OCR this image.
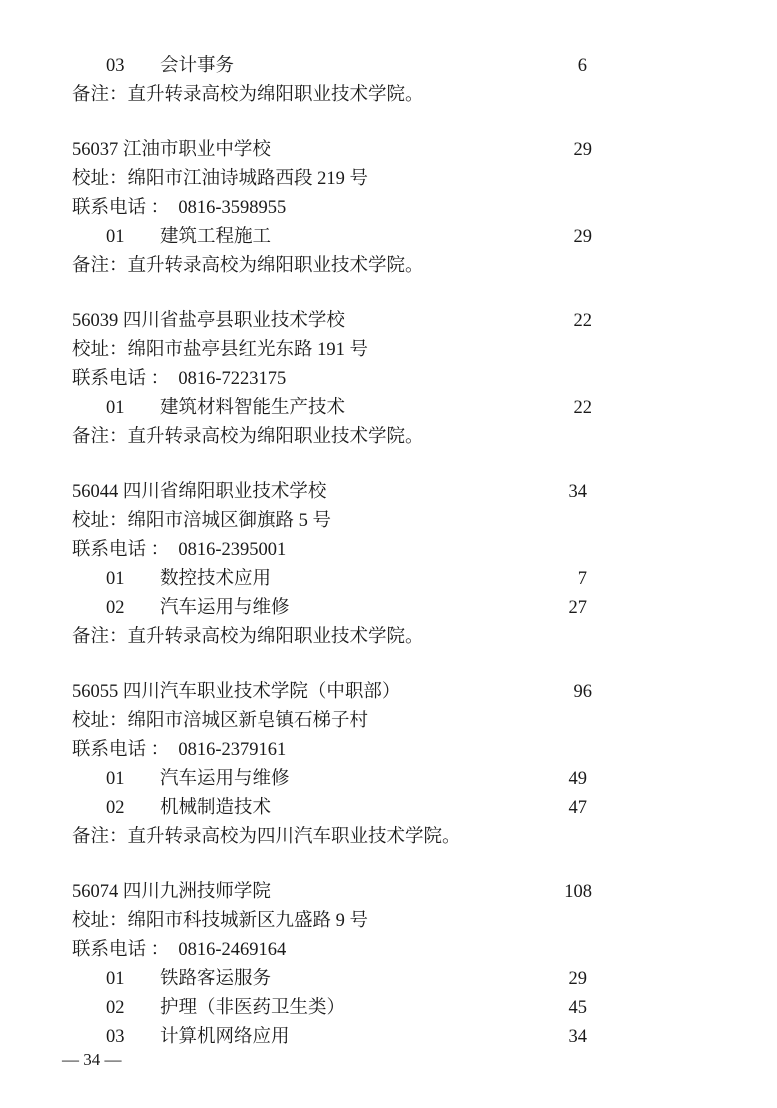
03 会计事务	6
备注：直升转录高校为绵阳职业技术学院。
56037 江油市职业中学校	29
校址：绵阳市江油诗城路西段 219 号
联系电话 ： 0816-3598955
01 建筑工程施工	29
备注：直升转录高校为绵阳职业技术学院。
56039 四川省盐亭县职业技术学校	22
校址：绵阳市盐亭县红光东路 191 号
联系电话 ： 0816-7223175
01 建筑材料智能生产技术	22
备注：直升转录高校为绵阳职业技术学院。
56044 四川省绵阳职业技术学校	34
校址：绵阳市涪城区御旗路 5 号
联系电话 ： 0816-2395001
01 数控技术应用	7
02 汽车运用与维修	27
备注：直升转录高校为绵阳职业技术学院。
56055 四川汽车职业技术学院（中职部）	96
校址：绵阳市涪城区新皂镇石梯子村
联系电话 ： 0816-2379161
01 汽车运用与维修	49
02 机械制造技术	47
备注：直升转录高校为四川汽车职业技术学院。
56074 四川九洲技师学院	108
校址：绵阳市科技城新区九盛路 9 号
联系电话 ： 0816-2469164
01 铁路客运服务	29
02 护理（非医药卫生类）	45
03 计算机网络应用	34
— 34 —
